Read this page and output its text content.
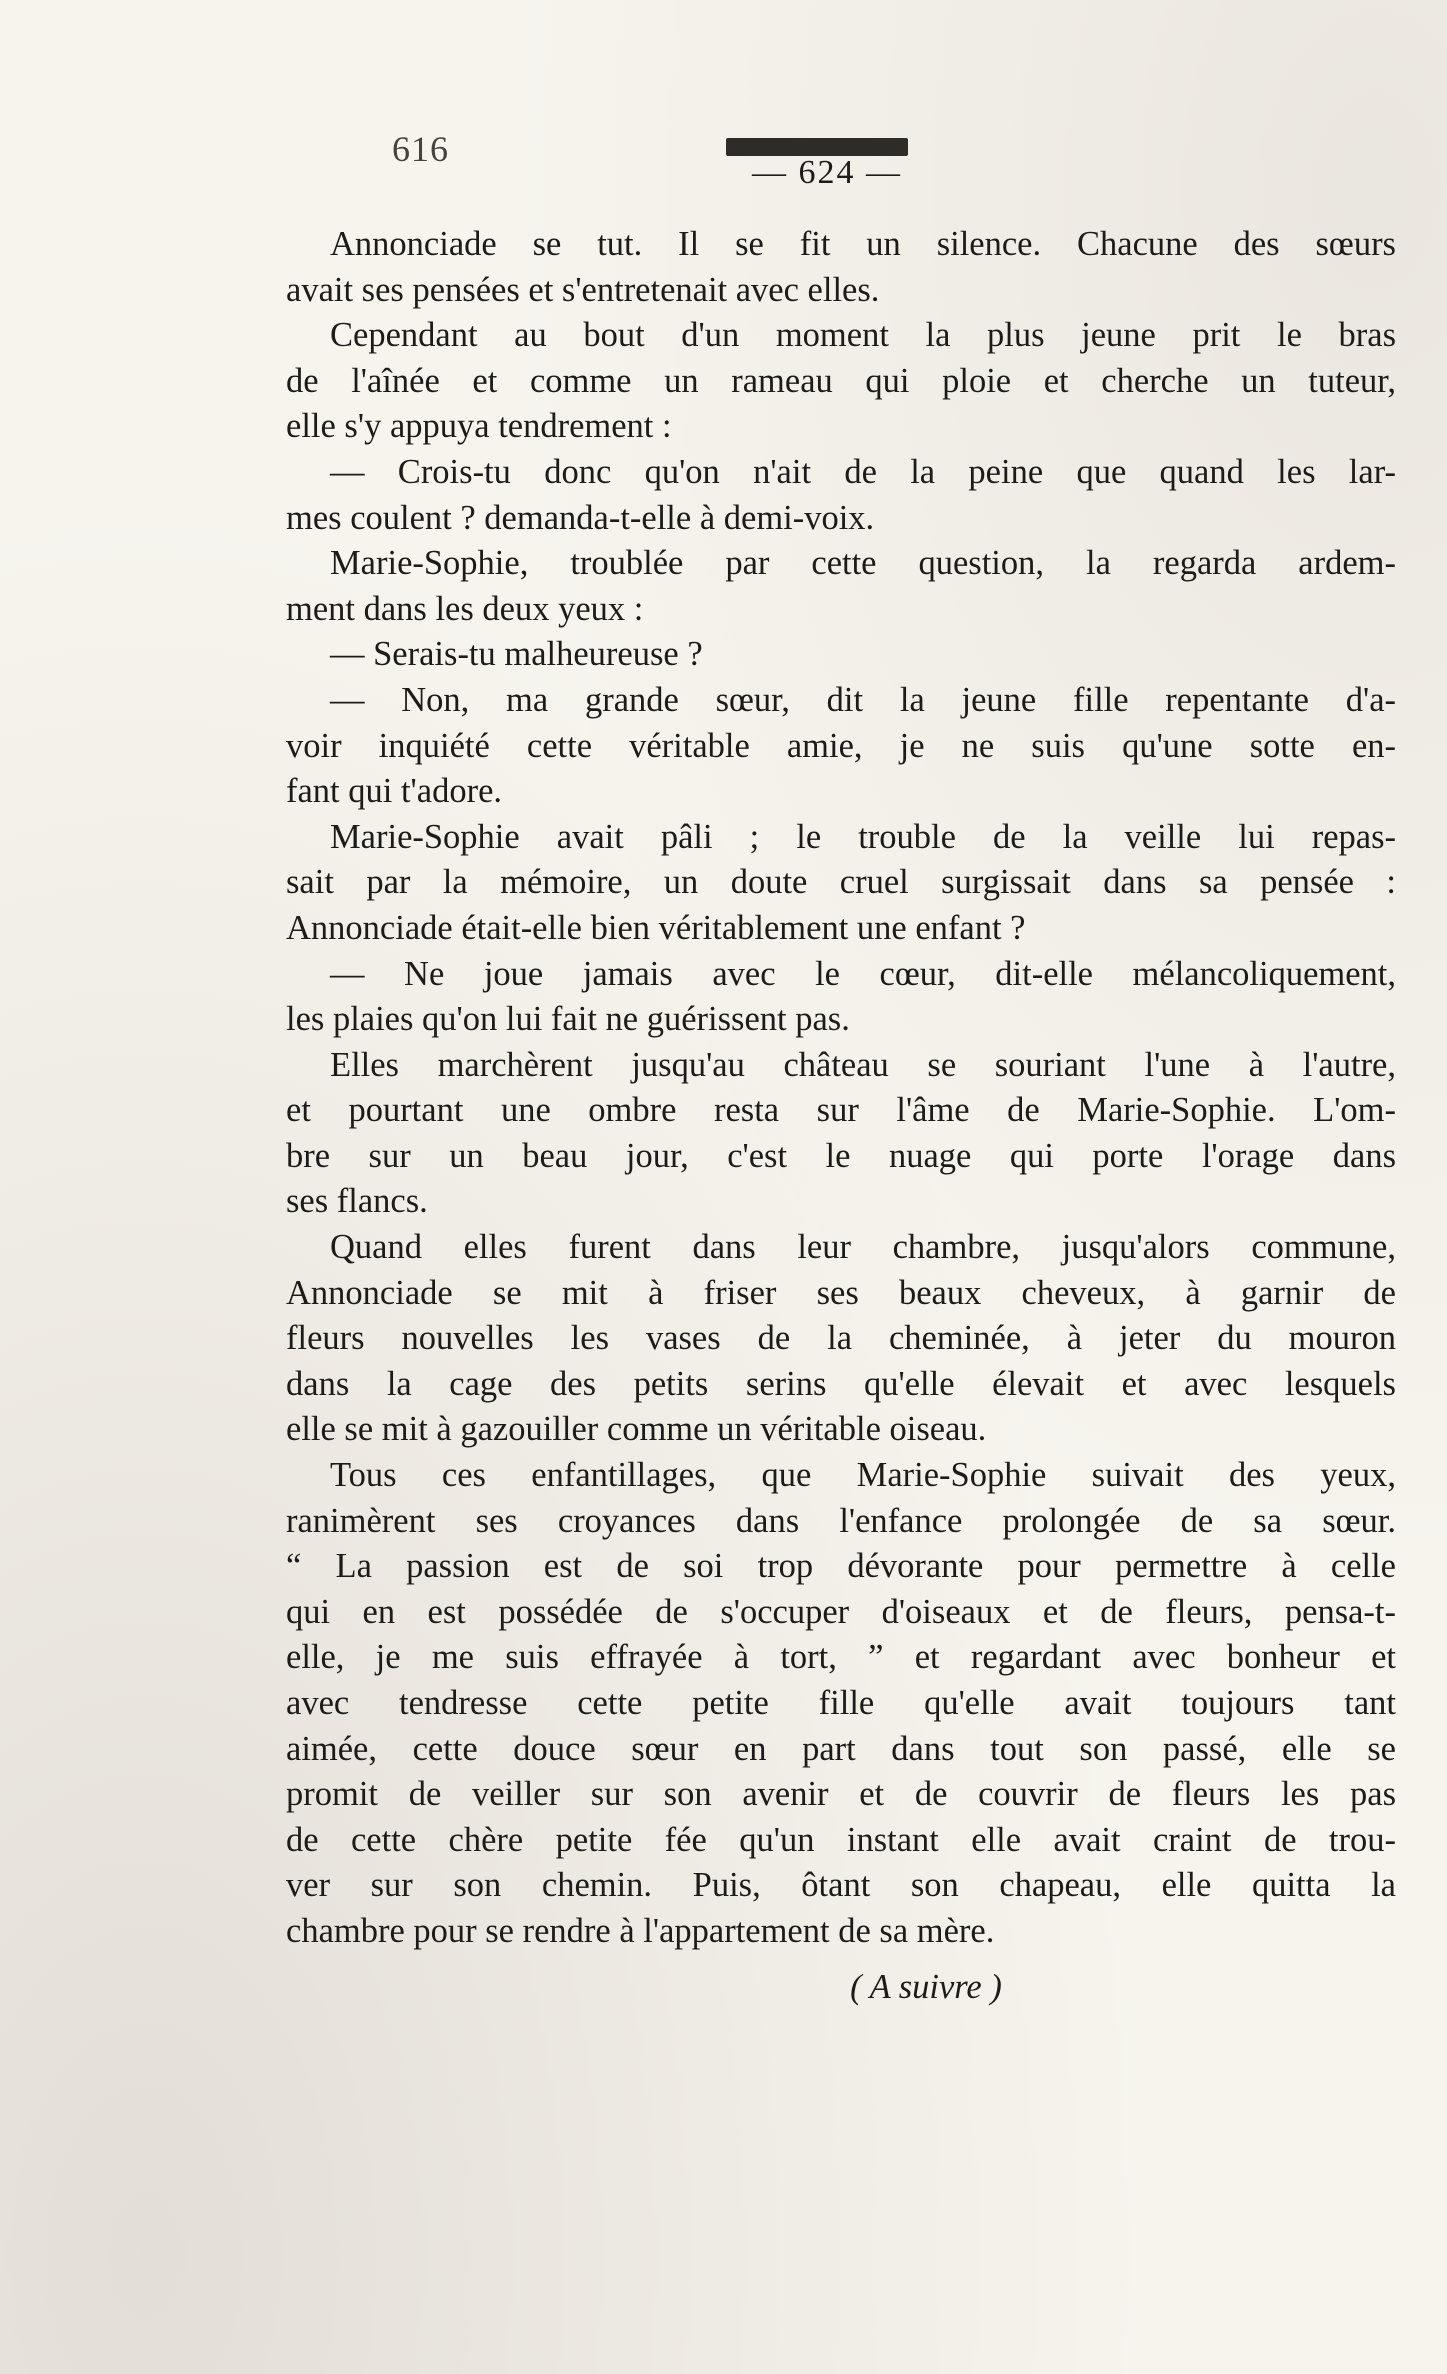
616
— 624 —
Annonciade se tut. Il se fit un silence. Chacune des sœurs
avait ses pensées et s'entretenait avec elles.
Cependant au bout d'un moment la plus jeune prit le bras
de l'aînée et comme un rameau qui ploie et cherche un tuteur,
elle s'y appuya tendrement :
— Crois-tu donc qu'on n'ait de la peine que quand les lar-
mes coulent ? demanda-t-elle à demi-voix.
Marie-Sophie, troublée par cette question, la regarda ardem-
ment dans les deux yeux :
— Serais-tu malheureuse ?
— Non, ma grande sœur, dit la jeune fille repentante d'a-
voir inquiété cette véritable amie, je ne suis qu'une sotte en-
fant qui t'adore.
Marie-Sophie avait pâli ; le trouble de la veille lui repas-
sait par la mémoire, un doute cruel surgissait dans sa pensée :
Annonciade était-elle bien véritablement une enfant ?
— Ne joue jamais avec le cœur, dit-elle mélancoliquement,
les plaies qu'on lui fait ne guérissent pas.
Elles marchèrent jusqu'au château se souriant l'une à l'autre,
et pourtant une ombre resta sur l'âme de Marie-Sophie. L'om-
bre sur un beau jour, c'est le nuage qui porte l'orage dans
ses flancs.
Quand elles furent dans leur chambre, jusqu'alors commune,
Annonciade se mit à friser ses beaux cheveux, à garnir de
fleurs nouvelles les vases de la cheminée, à jeter du mouron
dans la cage des petits serins qu'elle élevait et avec lesquels
elle se mit à gazouiller comme un véritable oiseau.
Tous ces enfantillages, que Marie-Sophie suivait des yeux,
ranimèrent ses croyances dans l'enfance prolongée de sa sœur.
“ La passion est de soi trop dévorante pour permettre à celle
qui en est possédée de s'occuper d'oiseaux et de fleurs, pensa-t-
elle, je me suis effrayée à tort, ” et regardant avec bonheur et
avec tendresse cette petite fille qu'elle avait toujours tant
aimée, cette douce sœur en part dans tout son passé, elle se
promit de veiller sur son avenir et de couvrir de fleurs les pas
de cette chère petite fée qu'un instant elle avait craint de trou-
ver sur son chemin. Puis, ôtant son chapeau, elle quitta la
chambre pour se rendre à l'appartement de sa mère.
( A suivre )
